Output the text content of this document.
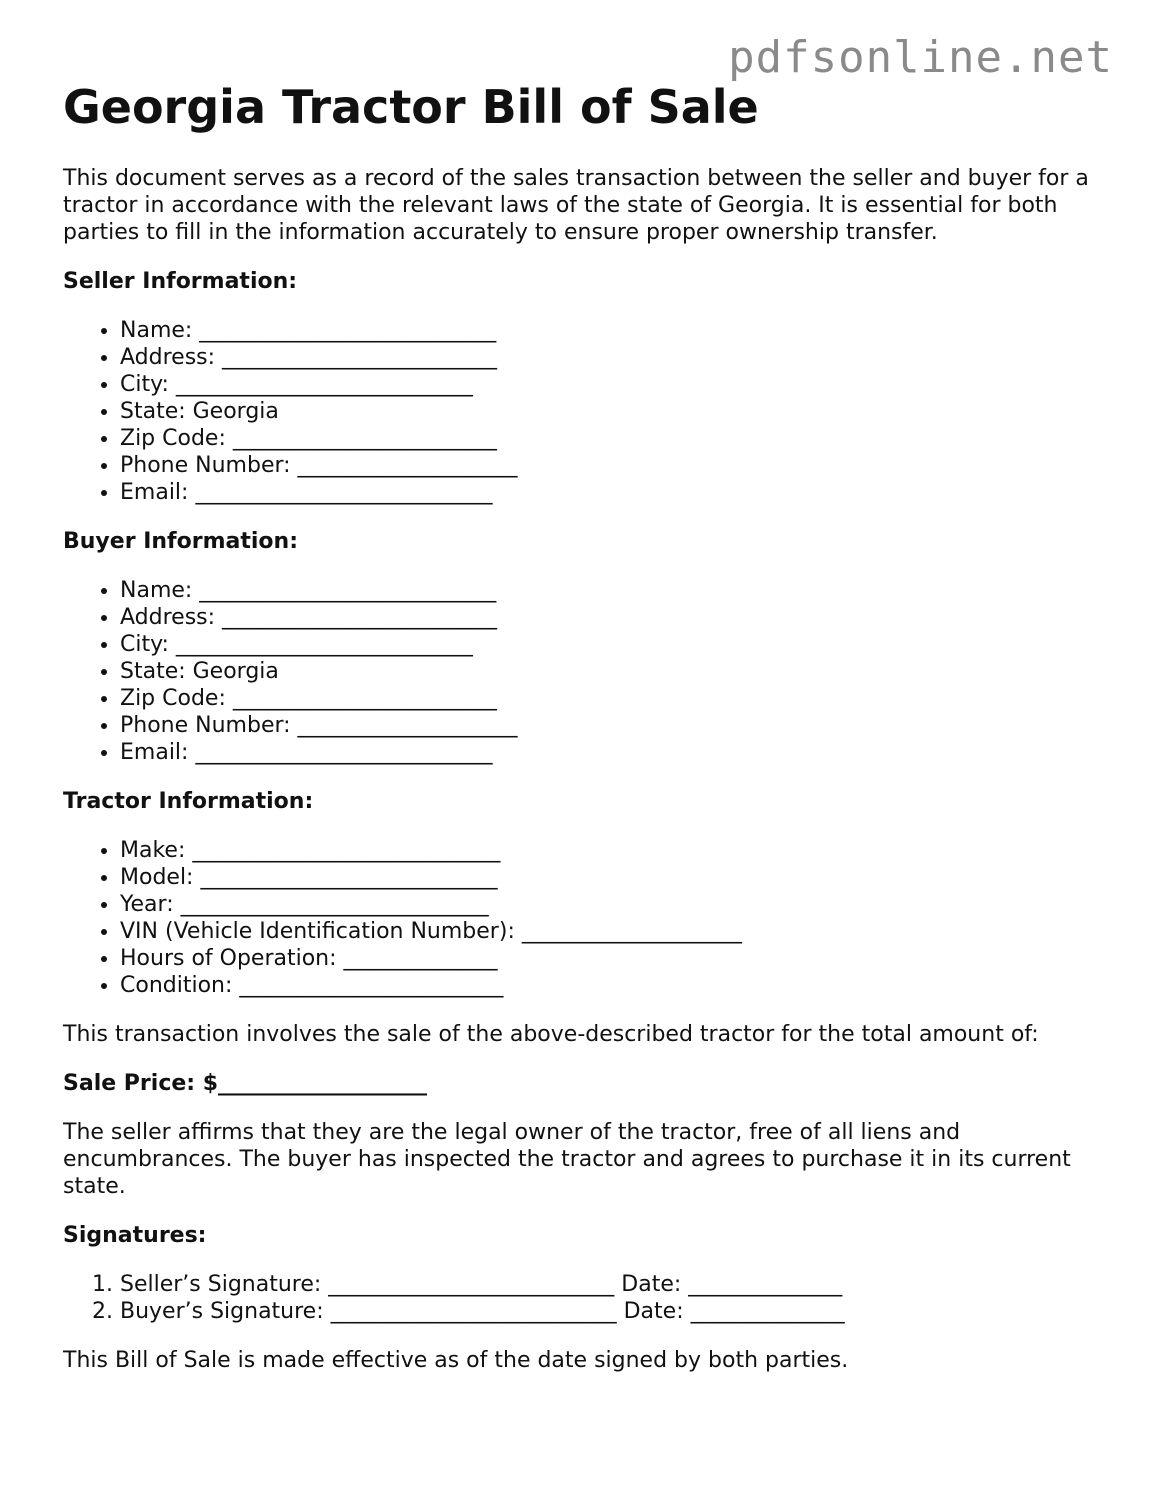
pdfsonline.net
Georgia Tractor Bill of Sale

This document serves as a record of the sales transaction between the seller and buyer for a tractor in accordance with the relevant laws of the state of Georgia. It is essential for both parties to fill in the information accurately to ensure proper ownership transfer.

Seller Information:
• Name: ___________________________
• Address: _________________________
• City: ___________________________
• State: Georgia
• Zip Code: ________________________
• Phone Number: ____________________
• Email: ___________________________
Buyer Information:
• Name: ___________________________
• Address: _________________________
• City: ___________________________
• State: Georgia
• Zip Code: ________________________
• Phone Number: ____________________
• Email: ___________________________
Tractor Information:
• Make: ____________________________
• Model: ___________________________
• Year: ____________________________
• VIN (Vehicle Identification Number): ____________________
• Hours of Operation: ______________
• Condition: ________________________

This transaction involves the sale of the above-described tractor for the total amount of:

Sale Price: $___________________

The seller affirms that they are the legal owner of the tractor, free of all liens and encumbrances. The buyer has inspected the tractor and agrees to purchase it in its current state.

Signatures:
1. Seller’s Signature: __________________________ Date: ______________
2. Buyer’s Signature: __________________________ Date: ______________

This Bill of Sale is made effective as of the date signed by both parties.
